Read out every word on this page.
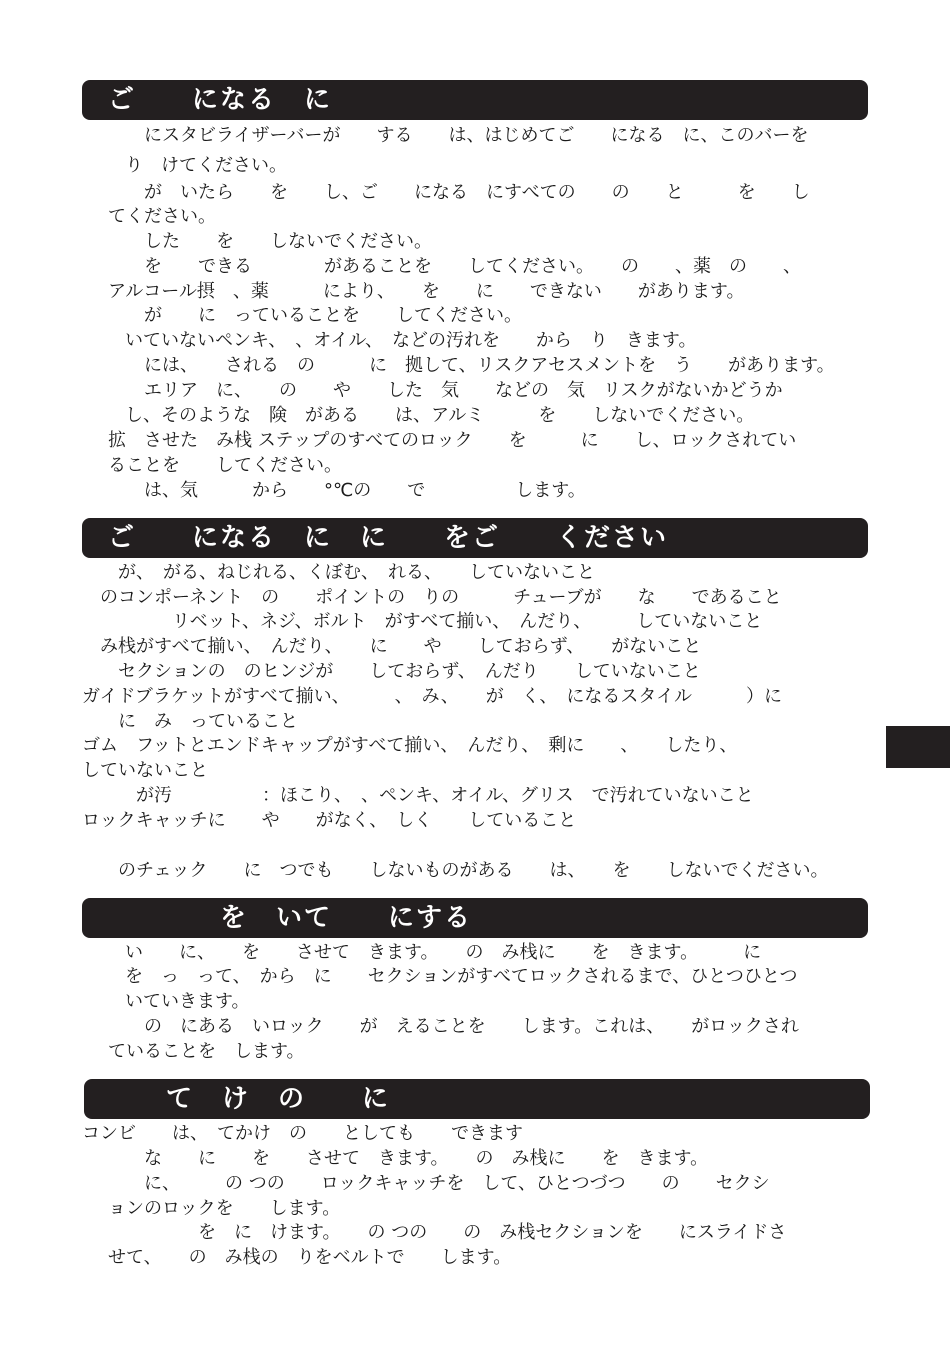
ご　　になる　に
　　にスタビライザーバーが　　する　　は、はじめてご　　になる　に、このバーを
り　けてください。
　　が　いたら　　を　　し、ご　　になる　にすべての　　の　　と　　　を　　し
てください。
　　した　　を　　しないでください。
　　を　　できる　　　　があることを　　してください。　　の　　、薬　の　　、
アルコール摂　、薬　　　により、　　を　　に　　できない　　があります。
　　が　　に　っていることを　　してください。
いていないペンキ、　、オイル、　などの汚れを　　から　り　きます。
　　には、　　される　の　　　に　拠して、リスクアセスメントを　う　　があります。
　　エリア　に、　　の　　や　　した　気　　などの　気　リスクがないかどうか
し、そのような　険　がある　　は、アルミ　　　を　　しないでください。
拡　させた　み栈 ステップのすべてのロック　　を　　　に　　し、ロックされてい
ることを　　してください。
　　は、気　　　から　　°℃の　　で　　　　　します。
ご　　になる　に　に　　をご　　ください
　が、　がる、ねじれる、くぼむ、　れる、　　していないこと
のコンポーネント　の　　ポイントの　りの　　　チューブが　　な　　であること
　　　　リベット、ネジ、ボルト　がすべて揃い、　んだり、　　　していないこと
み栈がすべて揃い、　んだり、　　に　　や　　しておらず、　　がないこと
　セクションの　のヒンジが　　しておらず、　んだり　　していないこと
ガイドブラケットがすべて揃い、　　　、　み、　　が　く、　になるスタイル　　　）に
　に　み　っていること
ゴム　フットとエンドキャップがすべて揃い、　んだり、　剰に　　、　　したり、
していないこと
　　が汚　　　　　：ほこり、　、ペンキ、オイル、グリス　で汚れていないこと
ロックキャッチに　　や　　がなく、　しく　　していること
　のチェック　　に　つでも　　しないものがある　　は、　　を　　しないでください。
　　　　を　いて　　にする
い　　に、　　を　　させて　きます。　　の　み栈に　　を　きます。　　　に
を　っ　って、　から　に　　セクションがすべてロックされるまで、ひとつひとつ
いていきます。
　　の　にある　いロック　　が　えることを　　します。これは、　　がロックされ
ていることを　します。
　　て　け　の　　に
コンビ　　は、　てかけ　の　　としても　　できます
　　な　　に　　を　　させて　きます。　　の　み栈に　　を　きます。
　　に、　　　の つの　　ロックキャッチを　して、ひとつづつ　　の　　セクシ
ョンのロックを　　します。
　　　　　を　に　けます。　　の つの　　の　み栈セクションを　　にスライドさ
せて、　　の　み栈の　りをベルトで　　します。
